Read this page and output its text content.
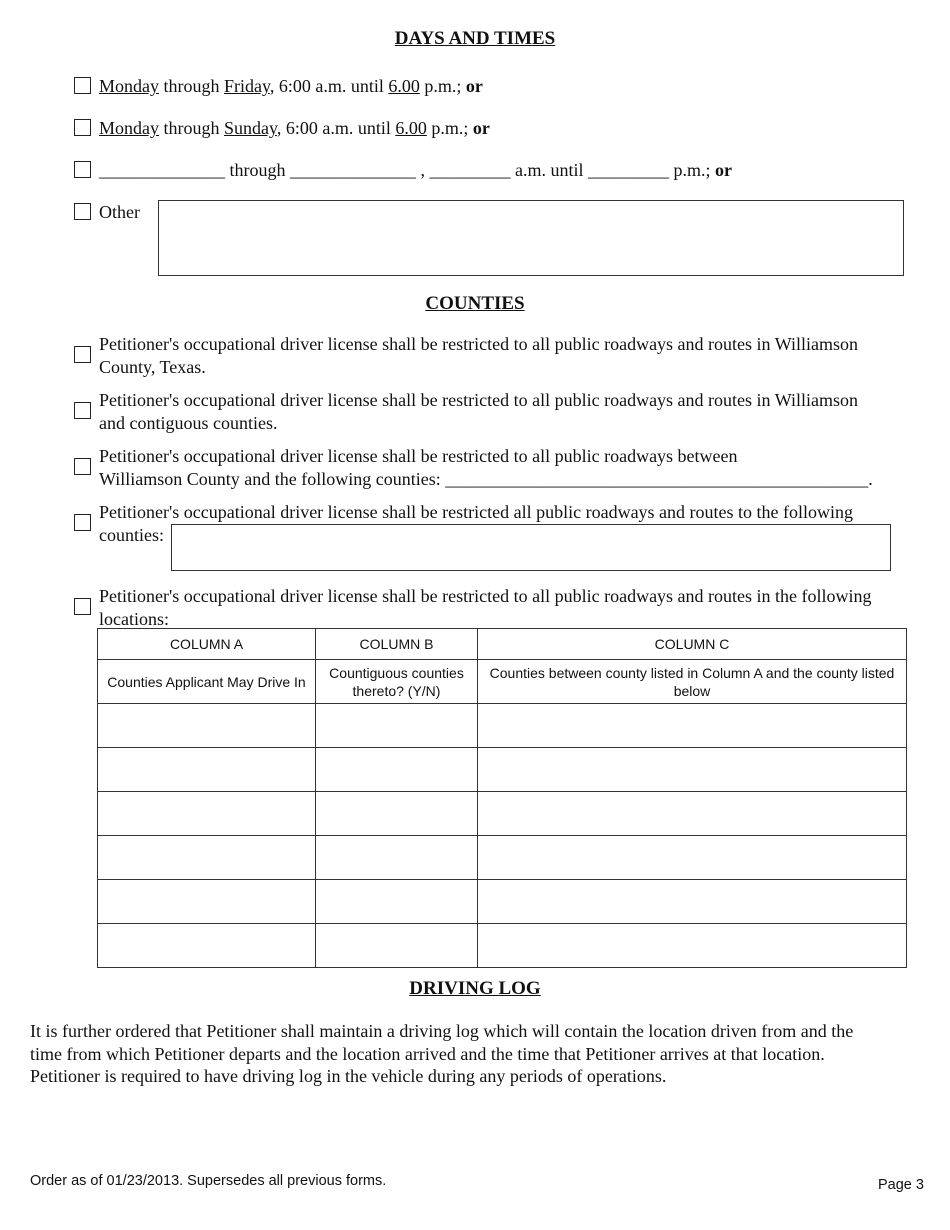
DAYS AND TIMES
Monday through Friday, 6:00 a.m. until 6.00 p.m.; or
Monday through Sunday, 6:00 a.m. until 6.00 p.m.; or
______________ through ______________ , _________ a.m. until _________ p.m.; or
Other
COUNTIES
Petitioner's occupational driver license shall be restricted to all public roadways and routes in Williamson
County, Texas.
Petitioner's occupational driver license shall be restricted to all public roadways and routes in Williamson
and contiguous counties.
Petitioner's occupational driver license shall be restricted to all public roadways between
Williamson County and the following counties: _______________________________________________.
Petitioner's occupational driver license shall be restricted all public roadways and routes to the following
counties:
Petitioner's occupational driver license shall be restricted to all public roadways and routes in the following
locations:
COLUMN A	COLUMN B	COLUMN C
Counties Applicant May Drive In	Countiguous counties thereto? (Y/N)	Counties between county listed in Column A and the county listed below

DRIVING LOG
It is further ordered that Petitioner shall maintain a driving log which will contain the location driven from and the
time from which Petitioner departs and the location arrived and the time that Petitioner arrives at that location.
Petitioner is required to have driving log in the vehicle during any periods of operations.
Order as of 01/23/2013. Supersedes all previous forms.	Page 3
